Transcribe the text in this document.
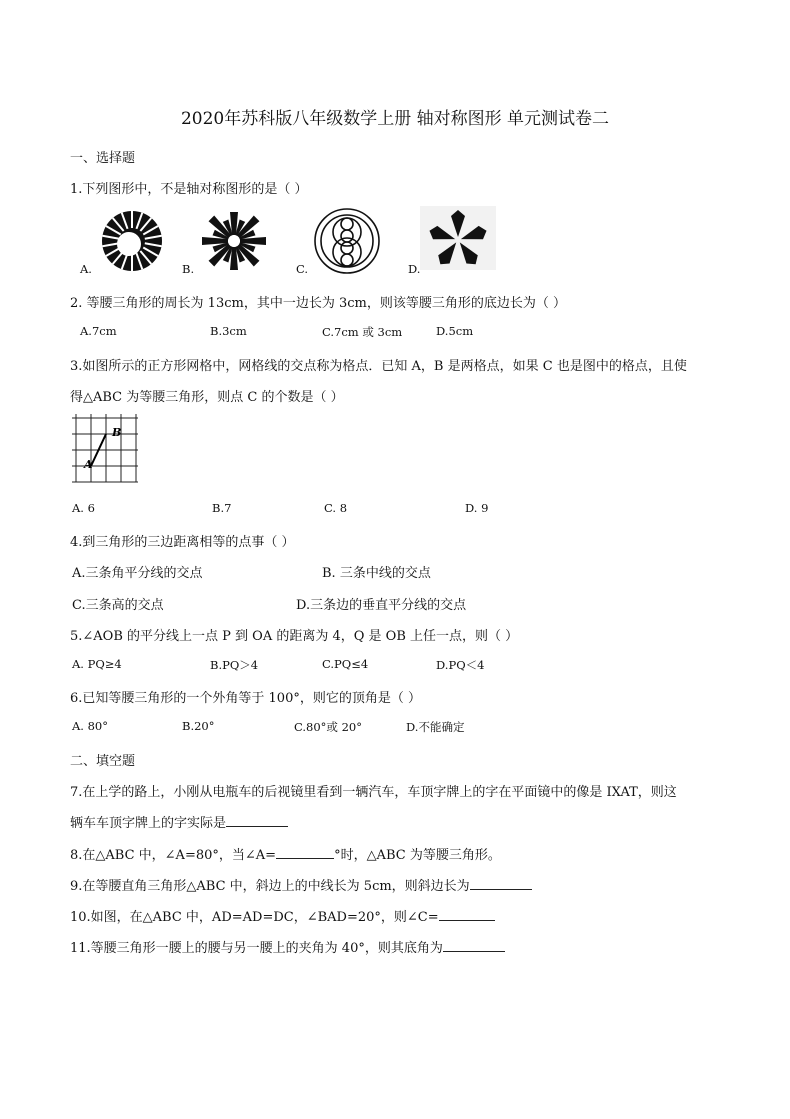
2020年苏科版八年级数学上册 轴对称图形 单元测试卷二
一、选择题
1.下列图形中，不是轴对称图形的是（ ）
A.	B.	C.	D.
2. 等腰三角形的周长为 13cm，其中一边长为 3cm，则该等腰三角形的底边长为（ ）
A.7cm	B.3cm	C.7cm 或 3cm	D.5cm
3.如图所示的正方形网格中，网格线的交点称为格点．已知 A，B 是两格点，如果 C 也是图中的格点，且使
得△ABC 为等腰三角形，则点 C 的个数是（ ）
A
B
A. 6	B.7	C. 8	D. 9
4.到三角形的三边距离相等的点事（ ）
A.三条角平分线的交点	B. 三条中线的交点
C.三条高的交点	D.三条边的垂直平分线的交点
5.∠AOB 的平分线上一点 P 到 OA 的距离为 4，Q 是 OB 上任一点，则（ ）
A. PQ≥4	B.PQ＞4	C.PQ≤4	D.PQ＜4
6.已知等腰三角形的一个外角等于 100°，则它的顶角是（ ）
A. 80°	B.20°	C.80°或 20°	D.不能确定
二、填空题
7.在上学的路上，小刚从电瓶车的后视镜里看到一辆汽车，车顶字牌上的字在平面镜中的像是 IXAT，则这
辆车车顶字牌上的字实际是
8.在△ABC 中，∠A=80°，当∠A=	°时，△ABC 为等腰三角形。
9.在等腰直角三角形△ABC 中，斜边上的中线长为 5cm，则斜边长为
10.如图，在△ABC 中，AD=AD=DC，∠BAD=20°，则∠C=
11.等腰三角形一腰上的腰与另一腰上的夹角为 40°，则其底角为
